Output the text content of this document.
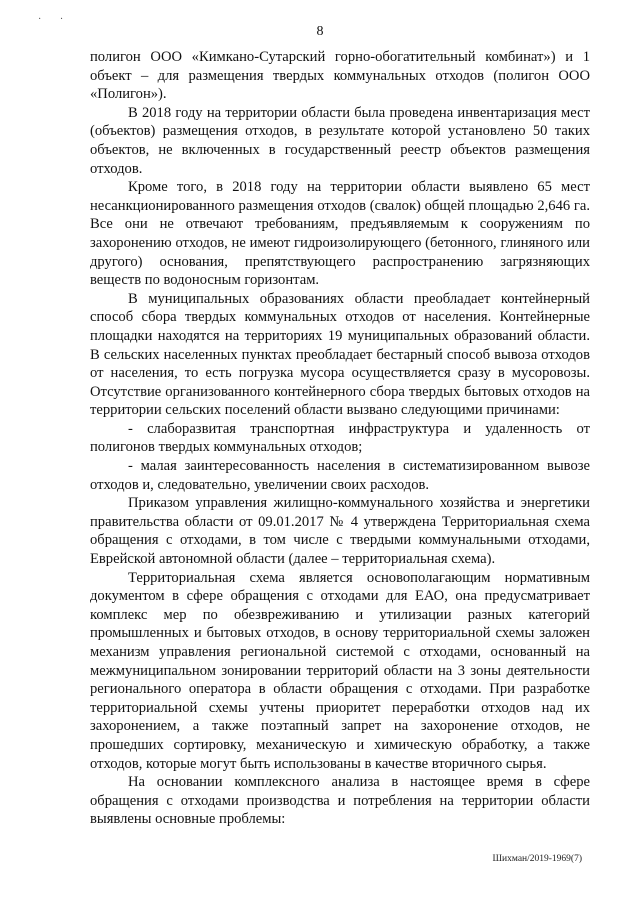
· ·
8

полигон ООО «Кимкано-Сутарский горно-обогатительный комбинат») и 1 объект – для размещения твердых коммунальных отходов (полигон ООО «Полигон»).

В 2018 году на территории области была проведена инвентаризация мест (объектов) размещения отходов, в результате которой установлено 50 таких объектов, не включенных в государственный реестр объектов размещения отходов.

Кроме того, в 2018 году на территории области выявлено 65 мест несанкционированного размещения отходов (свалок) общей площадью 2,646 га. Все они не отвечают требованиям, предъявляемым к сооружениям по захоронению отходов, не имеют гидроизолирующего (бетонного, глиняного или другого) основания, препятствующего распространению загрязняющих веществ по водоносным горизонтам.

В муниципальных образованиях области преобладает контейнерный способ сбора твердых коммунальных отходов от населения. Контейнерные площадки находятся на территориях 19 муниципальных образований области. В сельских населенных пунктах преобладает бестарный способ вывоза отходов от населения, то есть погрузка мусора осуществляется сразу в мусоровозы. Отсутствие организованного контейнерного сбора твердых бытовых отходов на территории сельских поселений области вызвано следующими причинами:

- слаборазвитая транспортная инфраструктура и удаленность от полигонов твердых коммунальных отходов;

- малая заинтересованность населения в систематизированном вывозе отходов и, следовательно, увеличении своих расходов.

Приказом управления жилищно-коммунального хозяйства и энергетики правительства области от 09.01.2017 № 4 утверждена Территориальная схема обращения с отходами, в том числе с твердыми коммунальными отходами, Еврейской автономной области (далее – территориальная схема).

Территориальная схема является основополагающим нормативным документом в сфере обращения с отходами для ЕАО, она предусматривает комплекс мер по обезвреживанию и утилизации разных категорий промышленных и бытовых отходов, в основу территориальной схемы заложен механизм управления региональной системой с отходами, основанный на межмуниципальном зонировании территорий области на 3 зоны деятельности регионального оператора в области обращения с отходами. При разработке территориальной схемы учтены приоритет переработки отходов над их захоронением, а также поэтапный запрет на захоронение отходов, не прошедших сортировку, механическую и химическую обработку, а также отходов, которые могут быть использованы в качестве вторичного сырья.

На основании комплексного анализа в настоящее время в сфере обращения с отходами производства и потребления на территории области выявлены основные проблемы:

Шихман/2019-1969(7)
